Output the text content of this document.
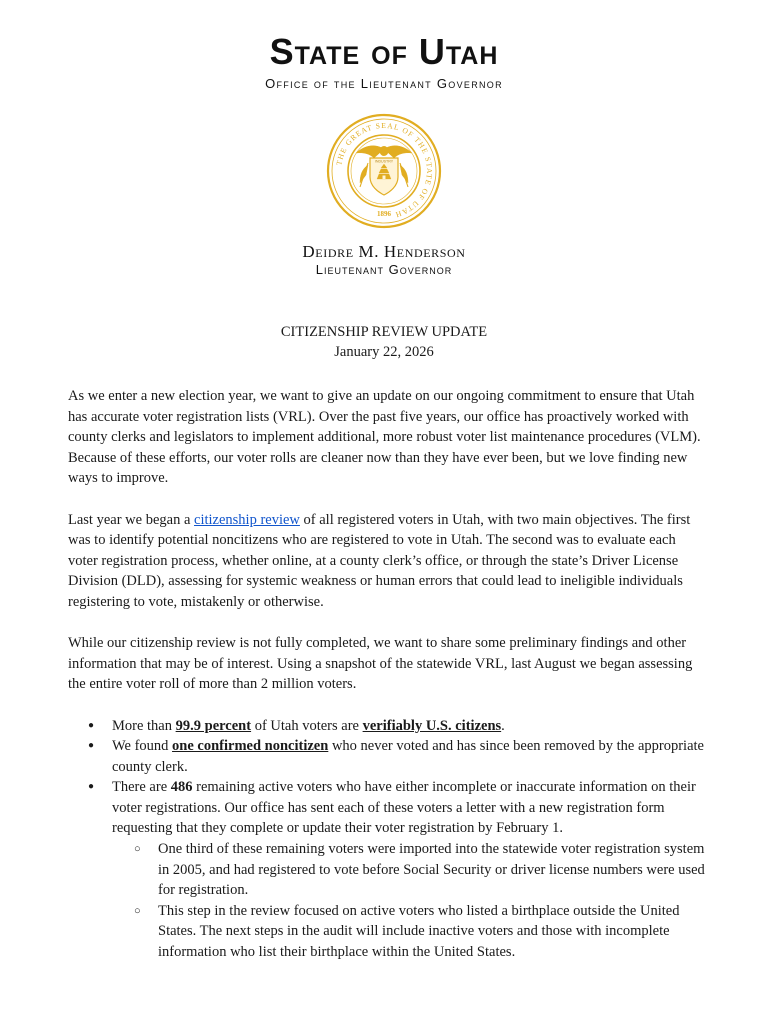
State of Utah
Office of the Lieutenant Governor
THE GREAT SEAL OF THE STATE OF UTAH
1896
INDUSTRY
Deidre M. Henderson
Lieutenant Governor
CITIZENSHIP REVIEW UPDATE
January 22, 2026

As we enter a new election year, we want to give an update on our ongoing commitment to ensure that Utah has accurate voter registration lists (VRL). Over the past five years, our office has proactively worked with county clerks and legislators to implement additional, more robust voter list maintenance procedures (VLM). Because of these efforts, our voter rolls are cleaner now than they have ever been, but we love finding new ways to improve.

Last year we began a citizenship review of all registered voters in Utah, with two main objectives. The first was to identify potential noncitizens who are registered to vote in Utah. The second was to evaluate each voter registration process, whether online, at a county clerk’s office, or through the state’s Driver License Division (DLD), assessing for systemic weakness or human errors that could lead to ineligible individuals registering to vote, mistakenly or otherwise.

While our citizenship review is not fully completed, we want to share some preliminary findings and other information that may be of interest. Using a snapshot of the statewide VRL, last August we began assessing the entire voter roll of more than 2 million voters.

● More than 99.9 percent of Utah voters are verifiably U.S. citizens.
● We found one confirmed noncitizen who never voted and has since been removed by the appropriate county clerk.
● There are 486 remaining active voters who have either incomplete or inaccurate information on their voter registrations. Our office has sent each of these voters a letter with a new registration form requesting that they complete or update their voter registration by February 1.
○ One third of these remaining voters were imported into the statewide voter registration system in 2005, and had registered to vote before Social Security or driver license numbers were used for registration.
○ This step in the review focused on active voters who listed a birthplace outside the United States. The next steps in the audit will include inactive voters and those with incomplete information who list their birthplace within the United States.
